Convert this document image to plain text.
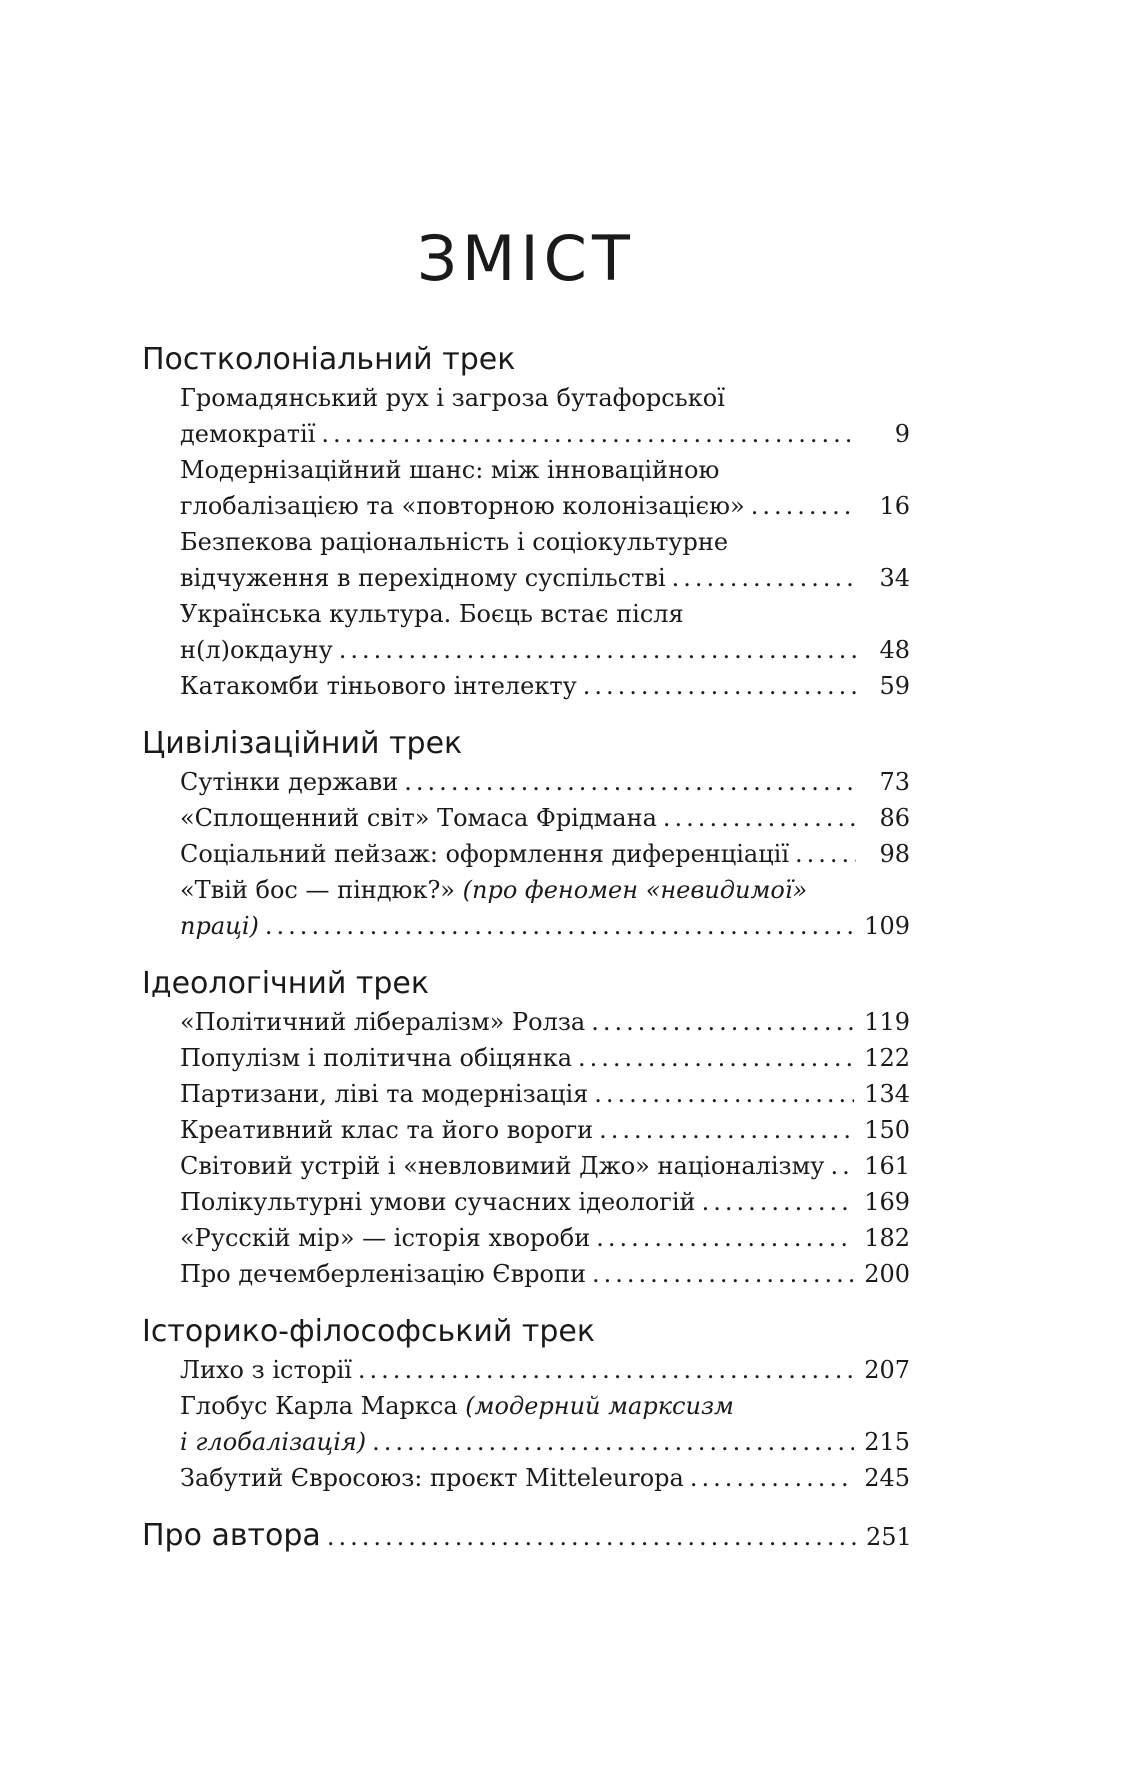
ЗМІСТ
Постколоніальний трек
Громадянський рух і загроза бутафорської
демократії .....	9
Модернізаційний шанс: між інноваційною
глобалізацією та «повторною колонізацією» .....	16
Безпекова раціональність і соціокультурне
відчуження в перехідному суспільстві .....	34
Українська культура. Боєць встає після
н(л)окдауну .....	48
Катакомби тіньового інтелекту .....	59
Цивілізаційний трек
Сутінки держави .....	73
«Сплощенний світ» Томаса Фрідмана .....	86
Соціальний пейзаж: оформлення диференціації .....	98
«Твій бос — піндюк?» (про феномен «невидимої»
праці) .....	109
Ідеологічний трек
«Політичний лібералізм» Ролза .....	119
Популізм і політична обіцянка .....	122
Партизани, ліві та модернізація .....	134
Креативний клас та його вороги .....	150
Світовий устрій і «невловимий Джо» націоналізму ..... 161
Полікультурні умови сучасних ідеологій .....	169
«Русскій мір» — історія хвороби .....	182
Про дечемберленізацію Європи .....	200
Історико-філософський трек
Лихо з історії .....	207
Глобус Карла Маркса (модерний марксизм
і глобалізація) .....	215
Забутий Євросоюз: проєкт Mitteleuropa .....	245
Про автора .....	251
